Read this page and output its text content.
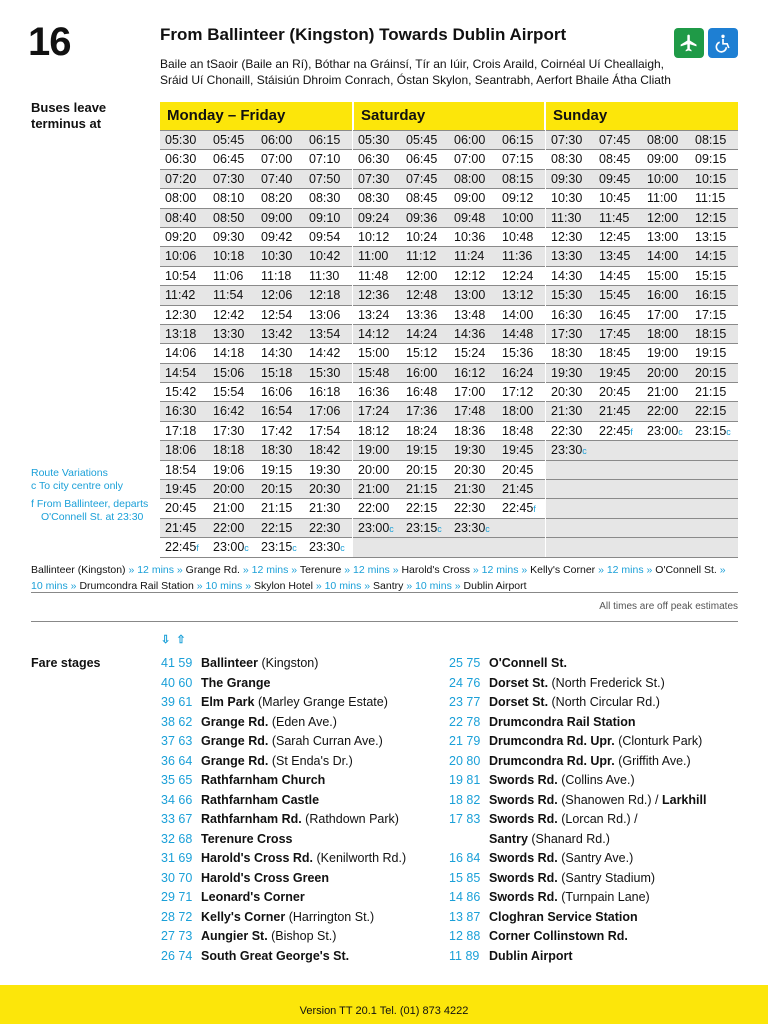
16	From Ballinteer (Kingston) Towards Dublin Airport
Baile an tSaoir (Baile an Rí), Bóthar na Gráinsí, Tír an Iúir, Crois Araild, Coirnéal Uí Cheallaigh,
Sráid Uí Chonaill, Stáisiún Dhroim Conrach, Óstan Skylon, Seantrabh, Aerfort Bhaile Átha Cliath
Buses leave terminus at	Monday – Friday	Saturday	Sunday
05:30	05:45	06:00	06:15
06:30	06:45	07:00	07:10
07:20	07:30	07:40	07:50
08:00	08:10	08:20	08:30
08:40	08:50	09:00	09:10
09:20	09:30	09:42	09:54
10:06	10:18	10:30	10:42
10:54	11:06	11:18	11:30
11:42	11:54	12:06	12:18
12:30	12:42	12:54	13:06
13:18	13:30	13:42	13:54
14:06	14:18	14:30	14:42
14:54	15:06	15:18	15:30
15:42	15:54	16:06	16:18
16:30	16:42	16:54	17:06
17:18	17:30	17:42	17:54
18:06	18:18	18:30	18:42
18:54	19:06	19:15	19:30
19:45	20:00	20:15	20:30
20:45	21:00	21:15	21:30
21:45	22:00	22:15	22:30
22:45f	23:00c 23:15c 23:30c
05:30	05:45	06:00	06:15
06:30	06:45	07:00	07:15
07:30	07:45	08:00	08:15
08:30	08:45	09:00	09:12
09:24	09:36	09:48	10:00
10:12	10:24	10:36	10:48
11:00	11:12	11:24	11:36
11:48	12:00	12:12	12:24
12:36	12:48	13:00	13:12
13:24	13:36	13:48	14:00
14:12	14:24	14:36	14:48
15:00	15:12	15:24	15:36
15:48	16:00	16:12	16:24
16:36	16:48	17:00	17:12
17:24	17:36	17:48	18:00
18:12	18:24	18:36	18:48
19:00	19:15	19:30	19:45
20:00	20:15	20:30	20:45
21:00	21:15	21:30	21:45
22:00	22:15	22:30	22:45f
23:00c 23:15c 23:30c
07:30	07:45	08:00	08:15
08:30	08:45	09:00	09:15
09:30	09:45	10:00	10:15
10:30	10:45	11:00	11:15
11:30	11:45	12:00	12:15
12:30	12:45	13:00	13:15
13:30	13:45	14:00	14:15
14:30	14:45	15:00	15:15
15:30	15:45	16:00	16:15
16:30	16:45	17:00	17:15
17:30	17:45	18:00	18:15
18:30	18:45	19:00	19:15
19:30	19:45	20:00	20:15
20:30	20:45	21:00	21:15
21:30	21:45	22:00	22:15
22:30	22:45f	23:00c 23:15c
23:30c
Route Variations
c To city centre only
f From Ballinteer, departs O'Connell St. at 23:30
Ballinteer (Kingston) » 12 mins » Grange Rd. » 12 mins » Terenure » 12 mins » Harold's Cross » 12 mins » Kelly's Corner » 12 mins » O'Connell St. » 10 mins » Drumcondra Rail Station » 10 mins » Skylon Hotel » 10 mins » Santry » 10 mins » Dublin Airport
All times are off peak estimates
⇩ ⇧
Fare stages	41 59 Ballinteer (Kingston)
40 60 The Grange
39 61 Elm Park (Marley Grange Estate)
38 62 Grange Rd. (Eden Ave.)
37 63 Grange Rd. (Sarah Curran Ave.)
36 64 Grange Rd. (St Enda's Dr.)
35 65 Rathfarnham Church
34 66 Rathfarnham Castle
33 67 Rathfarnham Rd. (Rathdown Park)
32 68 Terenure Cross
31 69 Harold's Cross Rd. (Kenilworth Rd.)
30 70 Harold's Cross Green
29 71 Leonard's Corner
28 72 Kelly's Corner (Harrington St.)
27 73 Aungier St. (Bishop St.)
26 74 South Great George's St.
25 75 O'Connell St.
24 76 Dorset St. (North Frederick St.)
23 77 Dorset St. (North Circular Rd.)
22 78 Drumcondra Rail Station
21 79 Drumcondra Rd. Upr. (Clonturk Park)
20 80 Drumcondra Rd. Upr. (Griffith Ave.)
19 81 Swords Rd. (Collins Ave.)
18 82 Swords Rd. (Shanowen Rd.) / Larkhill
17 83 Swords Rd. (Lorcan Rd.) /
Santry (Shanard Rd.)
16 84 Swords Rd. (Santry Ave.)
15 85 Swords Rd. (Santry Stadium)
14 86 Swords Rd. (Turnpain Lane)
13 87 Cloghran Service Station
12 88 Corner Collinstown Rd.
11 89 Dublin Airport
Version TT 20.1 Tel. (01) 873 4222
